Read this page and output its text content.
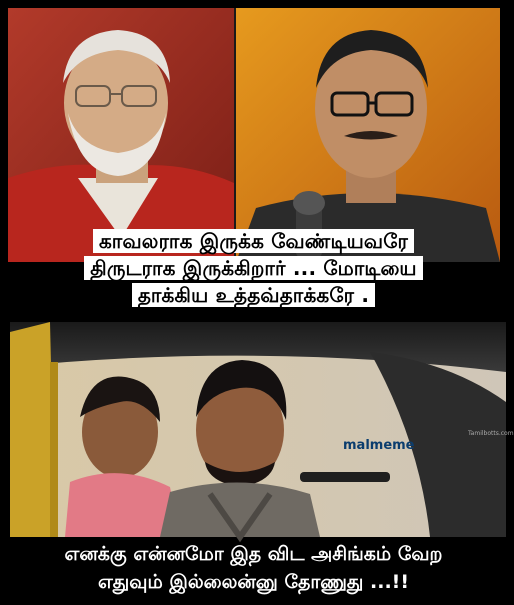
காவலராக இருக்க வேண்டியவரே
திருடராக இருக்கிறார் ... மோடியை
தாக்கிய உத்தவ்தாக்கரே .
Tamilbotts.com
malmeme
எனக்கு என்னமோ இத விட அசிங்கம் வேற
எதுவும் இல்லைன்னு தோணுது ...!!
